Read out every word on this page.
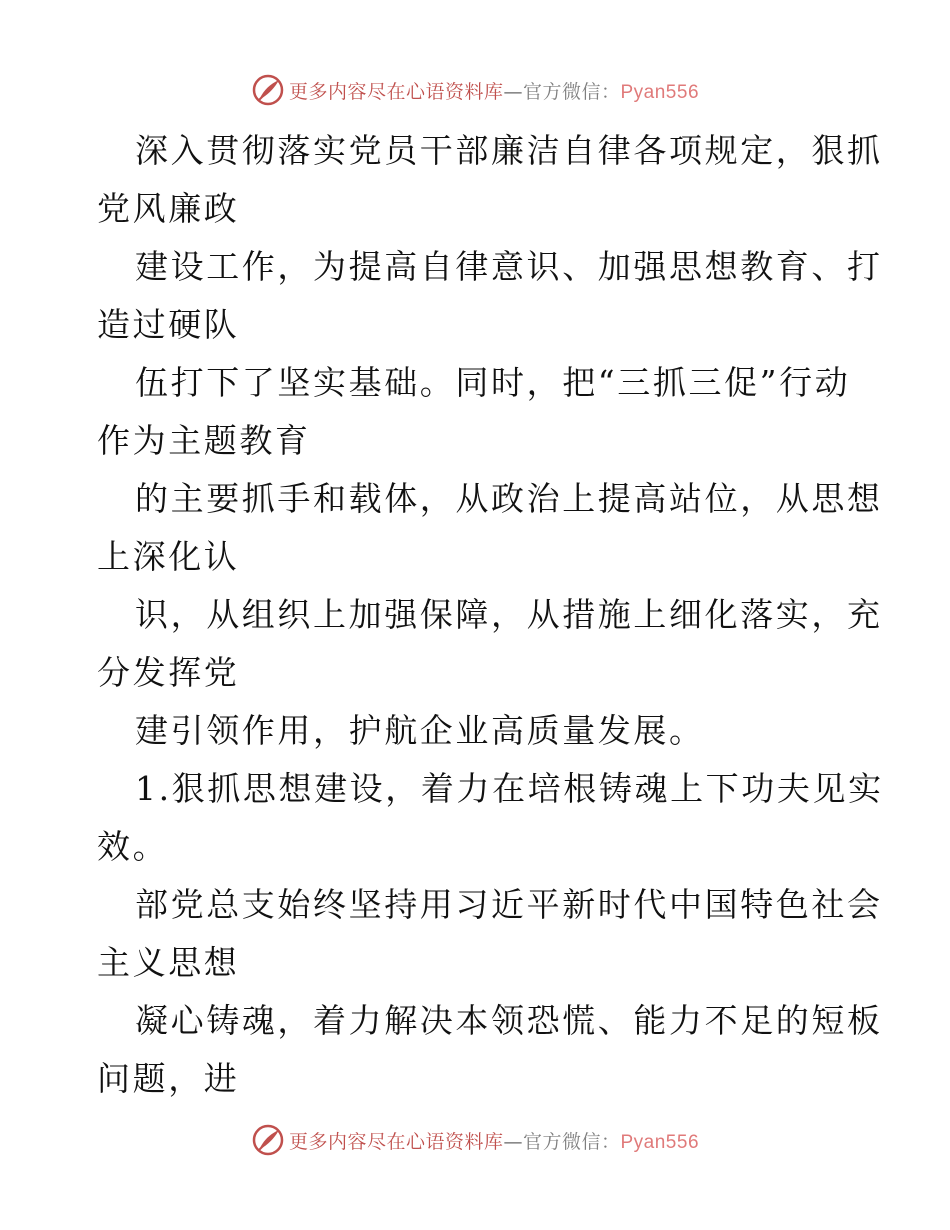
更多内容尽在心语资料库—官方微信：Pyan556
深入贯彻落实党员干部廉洁自律各项规定，狠抓
党风廉政
建设工作，为提高自律意识、加强思想教育、打
造过硬队
伍打下了坚实基础。同时，把“三抓三促”行动
作为主题教育
的主要抓手和载体，从政治上提高站位，从思想
上深化认
识，从组织上加强保障，从措施上细化落实，充
分发挥党
建引领作用，护航企业高质量发展。
1.狠抓思想建设，着力在培根铸魂上下功夫见实
效。
部党总支始终坚持用习近平新时代中国特色社会
主义思想
凝心铸魂，着力解决本领恐慌、能力不足的短板
问题，进
更多内容尽在心语资料库—官方微信：Pyan556
